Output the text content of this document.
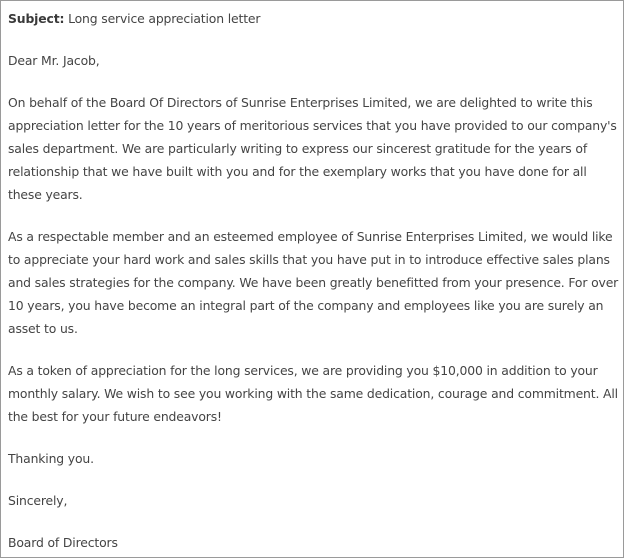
Subject: Long service appreciation letter

Dear Mr. Jacob,

On behalf of the Board Of Directors of Sunrise Enterprises Limited, we are delighted to write this appreciation letter for the 10 years of meritorious services that you have provided to our company's sales department. We are particularly writing to express our sincerest gratitude for the years of relationship that we have built with you and for the exemplary works that you have done for all these years.

As a respectable member and an esteemed employee of Sunrise Enterprises Limited, we would like to appreciate your hard work and sales skills that you have put in to introduce effective sales plans and sales strategies for the company. We have been greatly benefitted from your presence. For over 10 years, you have become an integral part of the company and employees like you are surely an asset to us.

As a token of appreciation for the long services, we are providing you $10,000 in addition to your monthly salary. We wish to see you working with the same dedication, courage and commitment. All the best for your future endeavors!

Thanking you.

Sincerely,

Board of Directors
